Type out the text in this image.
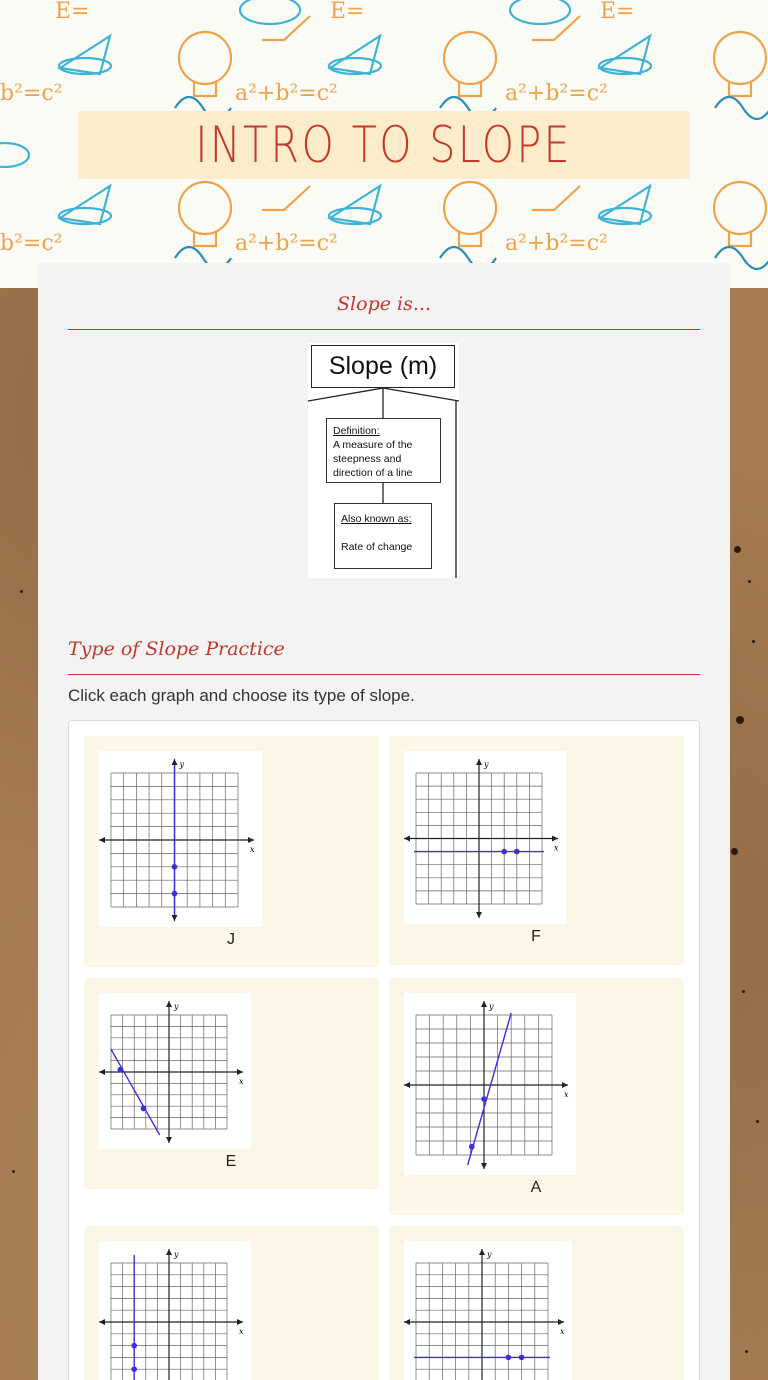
b²=c²	a²+b²=c²	a²+b²=c²
b²=c²	a²+b²=c²	a²+b²=c²
E=	E=	E=
INTRO TO SLOPE
Slope is...
Slope (m)
Definition:
A measure of the
steepness and
direction of a line
Also known as:
Rate of change
Type of Slope Practice
Click each graph and choose its type of slope.
x
y
J
x
y
F
x
y
E
x
y
A
x
y
x
y
